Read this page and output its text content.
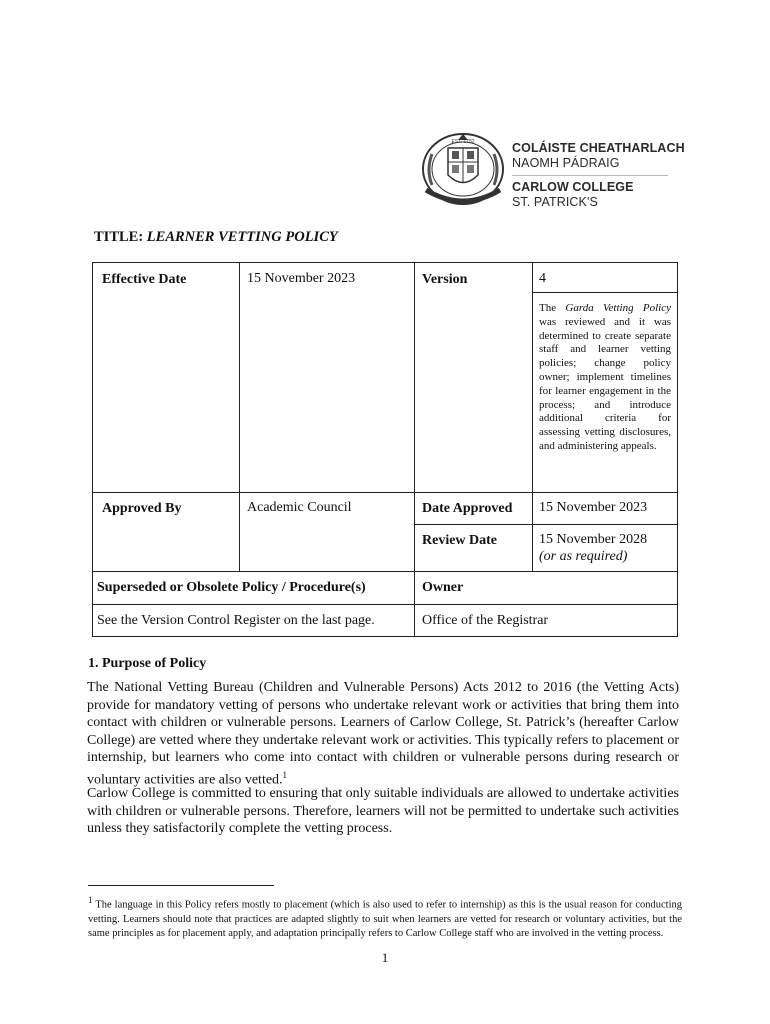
EST. 1782	COLÁISTE CHEATHARLACH
NAOMH PÁDRAIG
CARLOW COLLEGE
ST. PATRICK'S
TITLE: LEARNER VETTING POLICY
Effective Date	15 November 2023	Version	4
The Garda Vetting Policy was reviewed and it was determined to create separate staff and learner vetting policies; change policy owner; implement timelines for learner engagement in the process; and introduce additional criteria for assessing vetting disclosures, and administering appeals.
Approved By	Academic Council	Date Approved 15 November 2023
Review Date	15 November 2028
(or as required)
Superseded or Obsolete Policy / Procedure(s)	Owner
See the Version Control Register on the last page.	Office of the Registrar
1. Purpose of Policy
The National Vetting Bureau (Children and Vulnerable Persons) Acts 2012 to 2016 (the Vetting Acts) provide for mandatory vetting of persons who undertake relevant work or activities that bring them into contact with children or vulnerable persons. Learners of Carlow College, St. Patrick’s (hereafter Carlow College) are vetted where they undertake relevant work or activities. This typically refers to placement or internship, but learners who come into contact with children or vulnerable persons during research or voluntary activities are also vetted.$^1$
Carlow College is committed to ensuring that only suitable individuals are allowed to undertake activities with children or vulnerable persons. Therefore, learners will not be permitted to undertake such activities unless they satisfactorily complete the vetting process.
$^1$ The language in this Policy refers mostly to placement (which is also used to refer to internship) as this is the usual reason for conducting vetting. Learners should note that practices are adapted slightly to suit when learners are vetted for research or voluntary activities, but the same principles as for placement apply, and adaptation principally refers to Carlow College staff who are involved in the vetting process.
1
